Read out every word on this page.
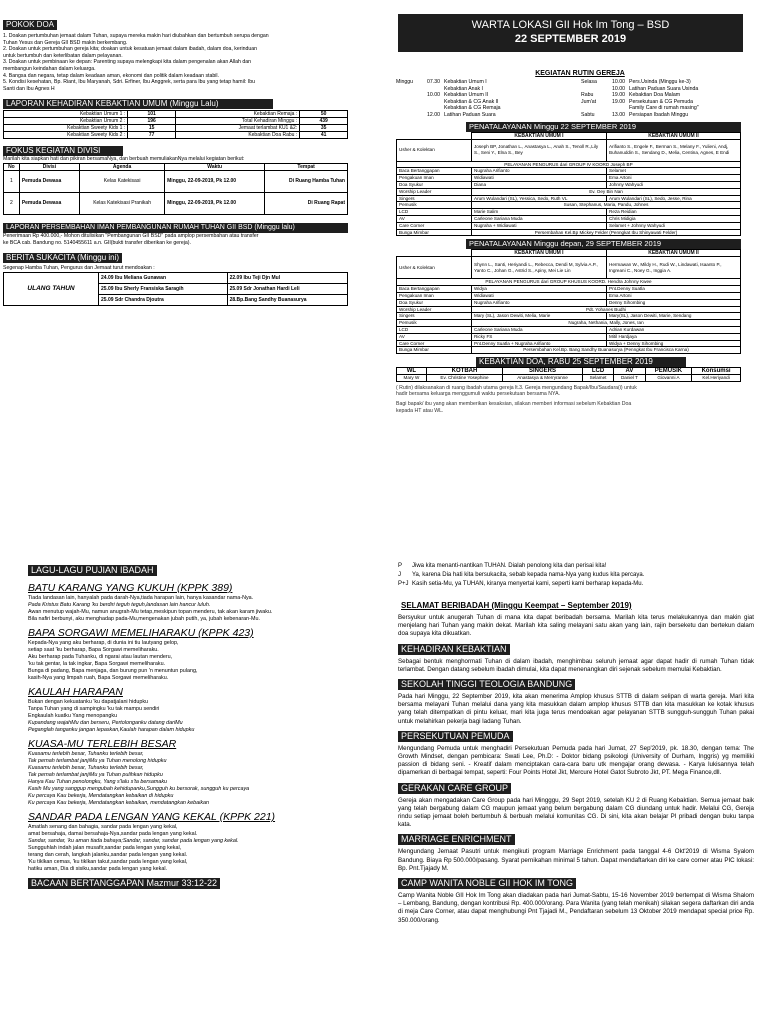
POKOK DOA
1. Doakan pertumbuhan jemaat dalam Tuhan, supaya mereka makin hari diubahkan dan bertumbuh serupa dengan
Tuhan Yesus dan Gereja GII BSD makin berkembang.
2. Doakan untuk pertumbuhan gereja kita; doakan untuk kesatuan jemaat dalam ibadah, dalam doa, kerinduan
untuk bertumbuh dan keterlibatan dalam pelayanan.
3. Doakan untuk pembinaan ke depan: Parenting supaya melengkapi kita dalam pengenalan akan Allah dan
membangun keindahan dalam keluarga.
4. Bangsa dan negara, tetap dalam keadaan aman, ekonomi dan politik dalam keadaan stabil.
5. Kondisi kesehatan, Bp. Riant, Ibu Maryanah, Sdri. Erfiner, Ibu Anggrek, serta para Ibu yang tetap hamil: Ibu
Santi dan Ibu Agnes H
LAPORAN KEHADIRAN KEBAKTIAN UMUM (Minggu Lalu)
Kebaktian Umum 1 :	101	Kebaktian Remaja :	50
Kebaktian Umum 2 :	196	Total Kehadiran Minggu :	439
Kebaktian Sweety Kids 1 :	15	Jemaat terlambat KU1 &2:	35
Kebaktian Sweety Kids 2 :	77	Kebaktian Doa Rabu :	41
FOKUS KEGIATAN DIVISI
Marilah kita siapkan hati dan pikiran bersamaNya, dan berbuah memuliakanNya melalui kegiatan berikut:
No	Divisi	Agenda	Waktu	Tempat
1	Pemuda Dewasa	Kelas Katekisasi	Minggu, 22-09-2019, Pk 12.00	Di Ruang Hamba Tuhan
2	Pemuda Dewasa	Kelas Katekisasi Pranikah	Minggu, 22-09-2019, Pk 12.00	Di Ruang Rapat
LAPORAN PERSEMBAHAN IMAN PEMBANGUNAN RUMAH TUHAN GII BSD (Minggu lalu)
Penerimaan Rp 400.000,- Mohon ditulisikan "Pembangunan GII BSD" pada amplop persembahan atau transfer
ke BCA cab. Bandung no. 5140455611 a.n. GII(bukti transfer diberikan ke gereja).
BERITA SUKACITA (Minggu ini)
Segenap Hamba Tuhan, Pengurus dan Jemaat turut mendoakan :
ULANG TAHUN	24.09 Ibu Meliana Gunawan	22.09 Ibu Teji Djn Mul
	25.09 Ibu Sherly Fransiska Saragih	25.09 Sdr Jonathan Hardi Leli
	25.09 Sdr Chandra Djoutra	28.Bp.Bang Sandhy Buanasurya
WARTA LOKASI GII Hok Im Tong – BSD
22 SEPTEMBER 2019
KEGIATAN RUTIN GEREJA
Minggu	07.30 Kebaktian Umum I
Kebaktian Anak I
10.00 Kebaktian Umum II
Kebaktian & CG Anak II
Kebaktian & CG Remaja
12.00 Latihan Paduan Suara
Selasa	10.00 Pers.Usinda (Minggu ke-3)
10.00 Latihan Paduan Suara Usinda
Rabu	19.00 Kebaktian Doa Malam
Jum'at	19.00 Persekutuan & CG Pemuda
Family Care di rumah masing"
Sabtu	13.00 Persiapan Ibadah Minggu
PENATALAYANAN Minggu 22 SEPTEMBER 2019
	KEBAKTIAN UMUM I	KEBAKTIAN UMUM II
Usher & Kolektan	Joseph BP, Jonathan L., Anastasya L., Anah S., Tenoll R.,Lily S., Seni Y., Elna S., Bey	Arifianto S., Engele F., Berman S., Melany F., Yulieni, Andj, Buhanuddin S., Sendang D., Melia, Centina, Agnes, E Endi
PELAYANAN PENGURUS dari GROUP IV KOORD Joseph BP		
Baca Bertanggapan	Nugraha Arifianto	Selamet
Pengakuan Iman	Widiawati	Ema Artoni
Doa Syukur	Diana	Johnny Wahyudi
Worship Leader	Ev. Oey Bin Nan	
Singers	Arum Wulandari (SL), Yessica, Sedo, Ruth VL	Arum Wulandari (SL), Sedo, Jesse, Rina
Pemusik	Susan, Stephanus, Maria, Pandu, Johnes	
LCD	Marie Salim	Reza Reidian
AV	Carleone Sariana Muda	Chris Midigia
Care Corner	Nugraha + Widiawati	Selamet + Johnny Wahyudi
Bunga Mimbar	Persembahan Kel.Bp Mickey Felder (Penngkat Ibu Shinyawati Felder)	
PENATALAYANAN Minggu depan, 29 SEPTEMBER 2019
	KEBAKTIAN UMUM I	KEBAKTIAN UMUM II
Usher & Kolektan	Shynn L., Santi, Heriyandi L., Rebecca, Dendi M, Sylvia A.P., Yanto C., Johan G., Astrid S., Apiny, Mei Lie Lin	Hermawan W., Mildy H., Rudi W., Lindawati, Isaanto P., Ingreani C., Noey G., Inggia A.
PELAYANAN PENGURUS dari GROUP KHUSUS KOORD. Hendra Johnny Kwee		
Baca Bertanggapan	Widya	Pnt.Denny Suatla
Pengakuan Iman	Widiawati	Ema Artoni
Doa Syukur	Nugraha Arifianto	Denny Sihombing
Worship Leader	Pdt. Yohanes Budhi	
Singers	Mary (SL), Jason Dewiti, Melia, Marie	Mary(SL), Jason Dewiti, Marie, Sendang
Pemusik	Nugraha, Nethania, Mally, Jones, Ian	
LCD	Carleone Sariana Muda	Adrian Kurdawan
AV	Ricky FS	Mitil Hardjaya
Care Corner	Pnt.Denny Suatla + Nugraha Arifianto	Widya + Denny Sihombing
Bunga Mimbar	Persembahan Kel.Bp. Bang Sandhy Buanasurya (Penngkat Ibu Francisca Karna)	
KEBAKTIAN DOA, RABU 25 SEPTEMBER 2019
WL	KOTBAH	SINGERS	LCD	AV	PEMUSIK	Konsumsi
Mary W	Ev. Christine Yosephine	Anastasya & Merryranne	Selamet	Daniel T	Giovanni A	Kel.Heriyandi
( Rutin) dilaksanakan di ruang ibadah utama gereja lt.3. Gereja mengundang Bapak/Ibu/Saudara(i) untuk
hadir bersama keluarga menggumuli waktu persekutuan bersama NYA.
Bagi bapak/ ibu yang akan memberikan kesaksian, silakan memberi informasi sebelum Kebaktian Doa
kepada HT atau WL.
LAGU-LAGU PUJIAN IBADAH
BATU KARANG YANG KUKUH (KPPK 389)
Tiada landasan lain, hanyalah pada darah-Nya,tiada harapan lain, hanya kasandar nama-Nya.
Pada Kristus Batu Karang 'ku berdiri teguh teguh,landasan lain hancur luluh.
Awan menutup wajah-Mu, namun anugrah-Mu tetap,meskipun topan menderu, tak akan karam jiwaku.
Bila nafiri berbunyi, aku menghadap pada-Mu,mengenakan jubah putih, ya, jubah kebenaran-Mu.
BAPA SORGAWI MEMELIHARAKU (KPPK 423)
Kepada-Nya yang aku berharap, di dunia ini tiu lautyang gelop,
setiap saat 'ku berharap, Bapa Sorgawi memeliharaku.
Aku berharap pada Tuhanku, di ngarai atau lautan menderu,
'ku tak gentar, la tak ingkar, Bapa Sorgawi memeliharaku.
Bunga di padang, Bapa menjaga, dan burung pun 'n menuntun pulang,
kasih-Nya yang limpah ruah, Bapa Sorgawi memeliharaku.
KAULAH HARAPAN
Bukan dengan kekuatanku 'ku dapatjalani hidupku
Tanpa Tuhan yang di sampingku 'ku tak mampu sendiri
Engkaulah kuatku Yang menopangku
Kupandang wajahMu dan berseru, Pertolonganku datang dariMu
Peganglah tanganku jangan lepaskan,Kaulah harapan dalam hidupku
KUASA-MU TERLEBIH BESAR
Kuasamu terlebih besar, Tuhanku terlebih besar,
Tak pernah terlambat janjiMu ya Tuhan menolong hidupku
Kuasamu terlebih besar, Tuhanku terlebih besar,
Tak pernah terlambat janjiMu ya Tuhan pulihkan hidupku
Hanya Kau Tuhan penolongku, Yang s'lalu s'ta bersamaku
Kasih Mu yang sanggup mengubah kehidupanku,Sungguh ku bersorak, sungguh ku percaya
Ku percaya Kau bekerja, Mendatangkan kebaikan di hidupku
Ku percaya Kau bekerja, Mendatangkan kebaikan, mendatangkan kebaikan
SANDAR PADA LENGAN YANG KEKAL (KPPK 221)
Amatlah senang dan bahagia, sandar pada lengan yang kekal,
amat bersahaja, damai bersahaja-Nya,sandar pada lengan yang kekal.
Sandar, sandar, 'ku aman tiada bahaya;Sandar, sandar, sandar pada lengan yang kekal.
Sungguhlah indah jalan musafir,sandar pada lengan yang kekal,
terang dan cerah, langkah jalanku,sandar pada lengan yang kekal.
'Ku tiklkan cemas, 'ku tiklkan takut,sandar pada lengan yang kekal,
hatiku aman, Dia di sisiku,sandar pada lengan yang kekal.
BACAAN BERTANGGAPAN Mazmur 33:12-22
P	Jiwa kita menanti-nantikan TUHAN. Dialah penolong kita dan perisai kita!
J	Ya, karena Dia hati kita bersukacita, sebab kepada nama-Nya yang kudus kita percaya.
P+J Kasih setia-Mu, ya TUHAN, kiranya menyertai kami, seperti kami berharap kepada-Mu.
SELAMAT BERIBADAH (Minggu Keempat – September 2019)
Bersyukur untuk anugerah Tuhan di mana kita dapat beribadah bersama. Marilah kita terus melakukannya dan makin giat menjelang hari Tuhan yang makin dekat. Marilah kita saling melayani satu akan yang lain, rajin berseketu dan bertekun dalam doa supaya kita dikuatkan.
KEHADIRAN KEBAKTIAN
Sebagai bentuk menghormati Tuhan di dalam ibadah, menghimbau seluruh jemaat agar dapat hadir di rumah Tuhan tidak terlambat. Dengan datang sebelum ibadah dimulai, kita dapat menenangkan diri sejenak sebelum memulai Kebaktian.
SEKOLAH TINGGI TEOLOGIA BANDUNG
Pada hari Minggu, 22 September 2019, kita akan menerima Amplop khusus STTB di dalam selipan di warta gereja. Mari kita bersama melayani Tuhan melalui dana yang kita masukkan dalam amplop khusus STTB dan kita masukkan ke kotak khusus yang telah ditempatkan di pintu keluar, mari kita juga terus mendoakan agar pelayanan STTB sungguh-sungguh Tuhan pakai untuk melahirkan pekerja bagi ladang Tuhan.
PERSEKUTUAN PEMUDA
Mengundang Pemuda untuk menghadiri Persekutuan Pemuda pada hari Jumat, 27 Sep'2019, pk. 18.30, dengan tema: The Growth Mindset, dengan pembicara: Swati Lee, Ph.D: - Doktor bidang psikologi (University of Durham, Inggris) yg memiliki passion di bidang seni. - Kreatif dalam menciptakan cara-cara baru utk mengajar orang dewasa. - Karya lukisannya telah dipamerkan di berbagai tempat, seperti: Four Points Hotel Jkt, Mercure Hotel Gatot Subroto Jkt, PT. Mega Finance,dll.
GERAKAN CARE GROUP
Gereja akan mengadakan Care Group pada hari Mingggu, 29 Sept 2019, setelah KU 2 di Ruang Kebaktian. Semua jemaat baik yang telah bergabung dalam CG maupun jemaat yang belum bergabung dalam CG diundang untuk hadir. Melalui CG, Gereja rindu setiap jemaat boleh bertumbuh & berbuah melalui komunitas CG. Di sini, kita akan belajar PI pribadi dengan buku tanpa kata.
MARRIAGE ENRICHMENT
Mengundang Jemaat Pasutri untuk mengikuti program Marriage Enrichment pada tanggal 4-6 Okt'2019 di Wisma Syalom Bandung. Biaya Rp 500.000/pasang. Syarat pernikahan minimal 5 tahun. Dapat mendaftarkan diri ke care corner atau PIC lokasi: Bp. Pnt.Tjajady M.
CAMP WANITA NOBLE GII HOK IM TONG
Camp Wanita Noble GII Hok Im Tong akan diadakan pada hari Jumat-Sabtu, 15-16 November 2019 bertempat di Wisma Shalom – Lembang, Bandung, dengan kontribusi Rp. 400.000/orang. Para Wanita (yang telah menikah) silakan segera daftarkan diri anda di meja Care Corner, atau dapat menghubungi Pnt Tjajadi M., Pendaftaran sebelum 13 Oktober 2019 mendapat special price Rp. 350.000/orang.
